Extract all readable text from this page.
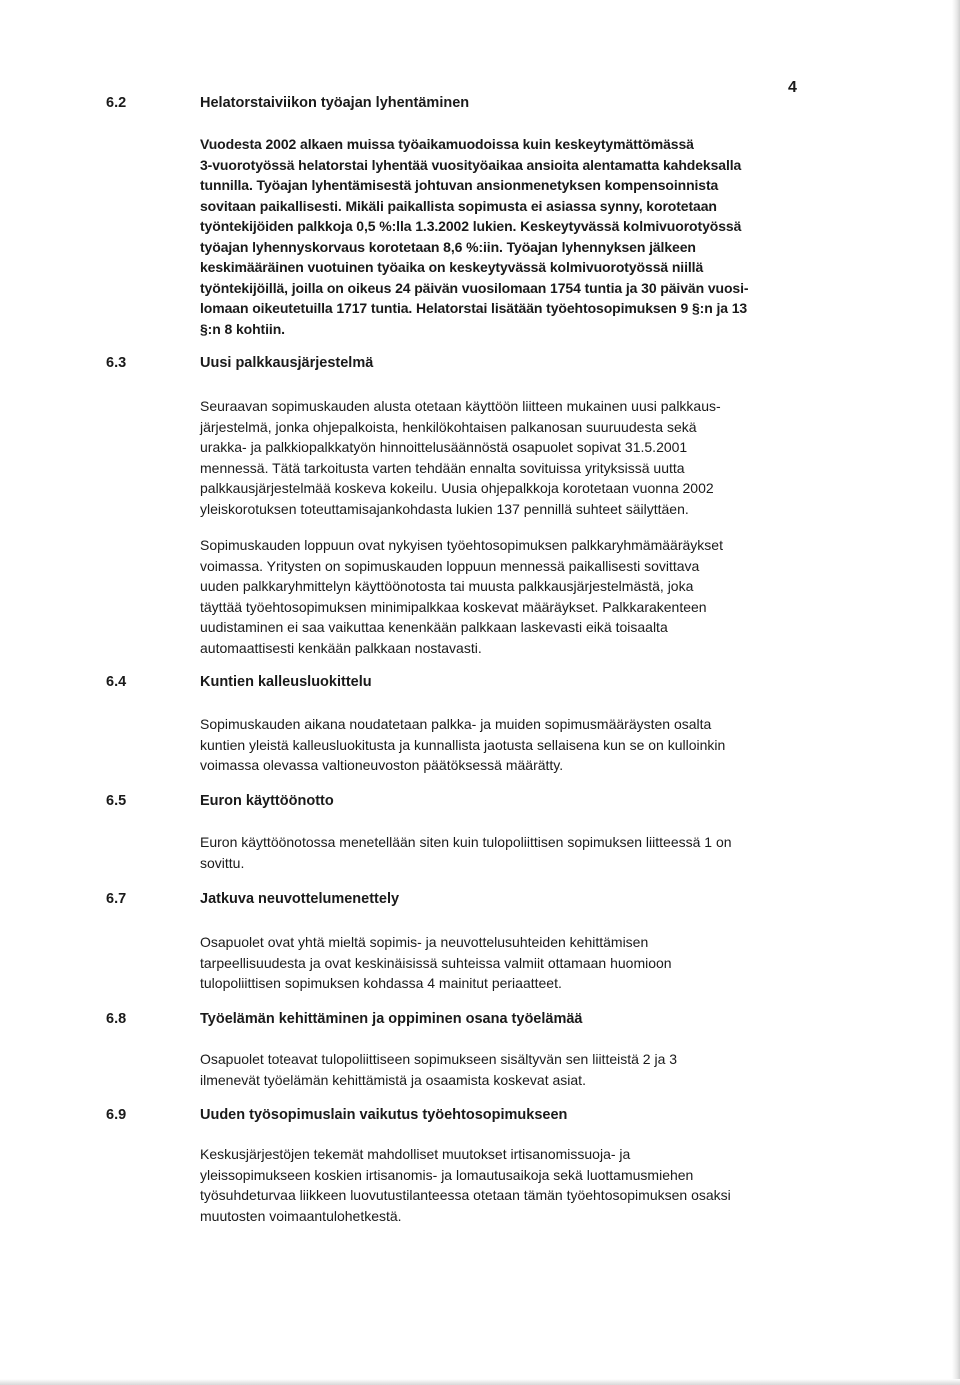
4
6.2	Helatorstaiviikon työajan lyhentäminen
Vuodesta 2002 alkaen muissa työaikamuodoissa kuin keskeytymättömässä
3-vuorotyössä helatorstai lyhentää vuosityöaikaa ansioita alentamatta kahdeksalla
tunnilla. Työajan lyhentämisestä johtuvan ansionmenetyksen kompensoinnista
sovitaan paikallisesti. Mikäli paikallista sopimusta ei asiassa synny, korotetaan
työntekijöiden palkkoja 0,5 %:lla 1.3.2002 lukien. Keskeytyvässä kolmivuorotyössä
työajan lyhennyskorvaus korotetaan 8,6 %:iin. Työajan lyhennyksen jälkeen
keskimääräinen vuotuinen työaika on keskeytyvässä kolmivuorotyössä niillä
työntekijöillä, joilla on oikeus 24 päivän vuosilomaan 1754 tuntia ja 30 päivän vuosi-
lomaan oikeutetuilla 1717 tuntia. Helatorstai lisätään työehtosopimuksen 9 §:n ja 13
§:n 8 kohtiin.
6.3	Uusi palkkausjärjestelmä
Seuraavan sopimuskauden alusta otetaan käyttöön liitteen mukainen uusi palkkaus-
järjestelmä, jonka ohjepalkoista, henkilökohtaisen palkanosan suuruudesta sekä
urakka- ja palkkiopalkkatyön hinnoittelusäännöstä osapuolet sopivat 31.5.2001
mennessä. Tätä tarkoitusta varten tehdään ennalta sovituissa yrityksissä uutta
palkkausjärjestelmää koskeva kokeilu. Uusia ohjepalkkoja korotetaan vuonna 2002
yleiskorotuksen toteuttamisajankohdasta lukien 137 pennillä suhteet säilyttäen.
Sopimuskauden loppuun ovat nykyisen työehtosopimuksen palkkaryhmämääräykset
voimassa. Yritysten on sopimuskauden loppuun mennessä paikallisesti sovittava
uuden palkkaryhmittelyn käyttöönotosta tai muusta palkkausjärjestelmästä, joka
täyttää työehtosopimuksen minimipalkkaa koskevat määräykset. Palkkarakenteen
uudistaminen ei saa vaikuttaa kenenkään palkkaan laskevasti eikä toisaalta
automaattisesti kenkään palkkaan nostavasti.
6.4	Kuntien kalleusluokittelu
Sopimuskauden aikana noudatetaan palkka- ja muiden sopimusmääräysten osalta
kuntien yleistä kalleusluokitusta ja kunnallista jaotusta sellaisena kun se on kulloinkin
voimassa olevassa valtioneuvoston päätöksessä määrätty.
6.5	Euron käyttöönotto
Euron käyttöönotossa menetellään siten kuin tulopoliittisen sopimuksen liitteessä 1 on
sovittu.
6.7	Jatkuva neuvottelumenettely
Osapuolet ovat yhtä mieltä sopimis- ja neuvottelusuhteiden kehittämisen
tarpeellisuudesta ja ovat keskinäisissä suhteissa valmiit ottamaan huomioon
tulopoliittisen sopimuksen kohdassa 4 mainitut periaatteet.
6.8	Työelämän kehittäminen ja oppiminen osana työelämää
Osapuolet toteavat tulopoliittiseen sopimukseen sisältyvän sen liitteistä 2 ja 3
ilmenevät työelämän kehittämistä ja osaamista koskevat asiat.
6.9	Uuden työsopimuslain vaikutus työehtosopimukseen
Keskusjärjestöjen tekemät mahdolliset muutokset irtisanomissuoja- ja
yleissopimukseen koskien irtisanomis- ja lomautusaikoja sekä luottamusmiehen
työsuhdeturvaa liikkeen luovutustilanteessa otetaan tämän työehtosopimuksen osaksi
muutosten voimaantulohetkestä.
